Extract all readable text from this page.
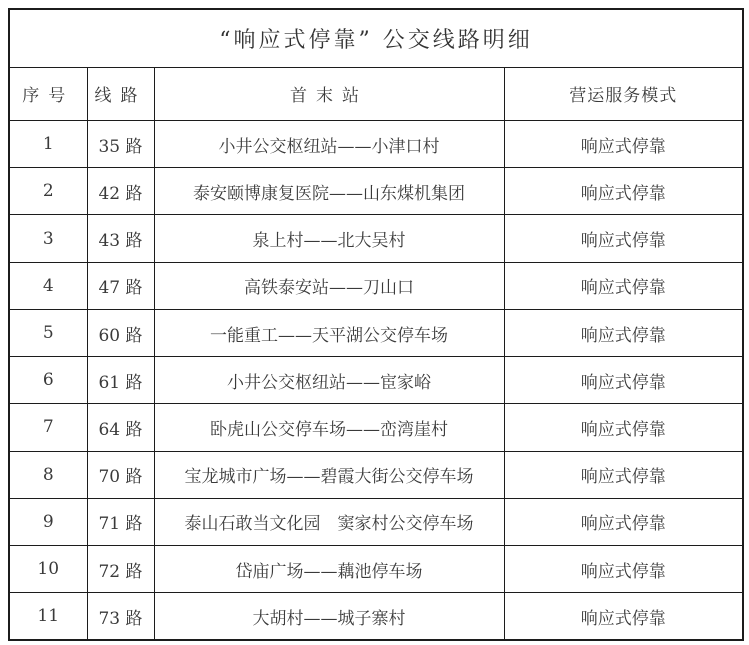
“响应式停靠” 公交线路明细			
序号	线路	首末站	营运服务模式
1	35 路	小井公交枢纽站——小津口村	响应式停靠
2	42 路	泰安颐博康复医院——山东煤机集团	响应式停靠
3	43 路	泉上村——北大吴村	响应式停靠
4	47 路	高铁泰安站——刀山口	响应式停靠
5	60 路	一能重工——天平湖公交停车场	响应式停靠
6	61 路	小井公交枢纽站——宦家峪	响应式停靠
7	64 路	卧虎山公交停车场——峦湾崖村	响应式停靠
8	70 路	宝龙城市广场——碧霞大街公交停车场	响应式停靠
9	71 路	泰山石敢当文化园　窦家村公交停车场	响应式停靠
10	72 路	岱庙广场——藕池停车场	响应式停靠
11	73 路	大胡村——城子寨村	响应式停靠
